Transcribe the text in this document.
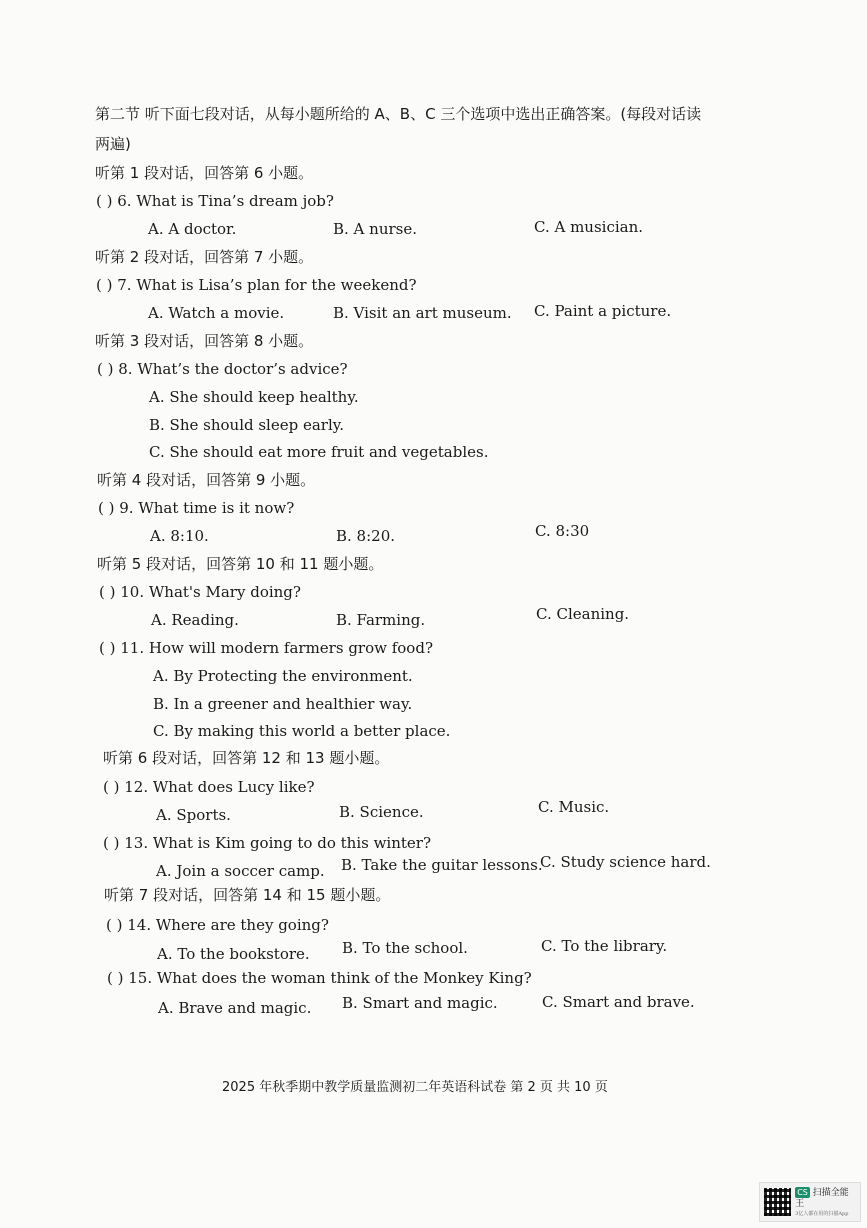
第二节 听下面七段对话，从每小题所给的 A、B、C 三个选项中选出正确答案。(每段对话读
两遍)
听第 1 段对话，回答第 6 小题。
( ) 6. What is Tina’s dream job?
A. A doctor.	B. A nurse.	C. A musician.
听第 2 段对话，回答第 7 小题。
( ) 7. What is Lisa’s plan for the weekend?
A. Watch a movie.	B. Visit an art museum. C. Paint a picture.
听第 3 段对话，回答第 8 小题。
( ) 8. What’s the doctor’s advice?
A. She should keep healthy.
B. She should sleep early.
C. She should eat more fruit and vegetables.
听第 4 段对话，回答第 9 小题。
( ) 9. What time is it now?
A. 8:10.	B. 8:20.	C. 8:30
听第 5 段对话，回答第 10 和 11 题小题。
( ) 10. What's Mary doing?
A. Reading.	B. Farming.	C. Cleaning.
( ) 11. How will modern farmers grow food?
A. By Protecting the environment.
B. In a greener and healthier way.
C. By making this world a better place.
听第 6 段对话，回答第 12 和 13 题小题。
( ) 12. What does Lucy like?
A. Sports.	B. Science.	C. Music.
( ) 13. What is Kim going to do this winter?
A. Join a soccer camp. B. Take the guitar lessons.
C. Study science hard.
听第 7 段对话，回答第 14 和 15 题小题。
( ) 14. Where are they going?
A. To the bookstore. B. To the school.	C. To the library.
( ) 15. What does the woman think of the Monkey King?
A. Brave and magic. B. Smart and magic.	C. Smart and brave.
2025 年秋季期中教学质量监测初二年英语科试卷 第 2 页 共 10 页
CS 扫描全能王
3亿人都在用的扫描App
